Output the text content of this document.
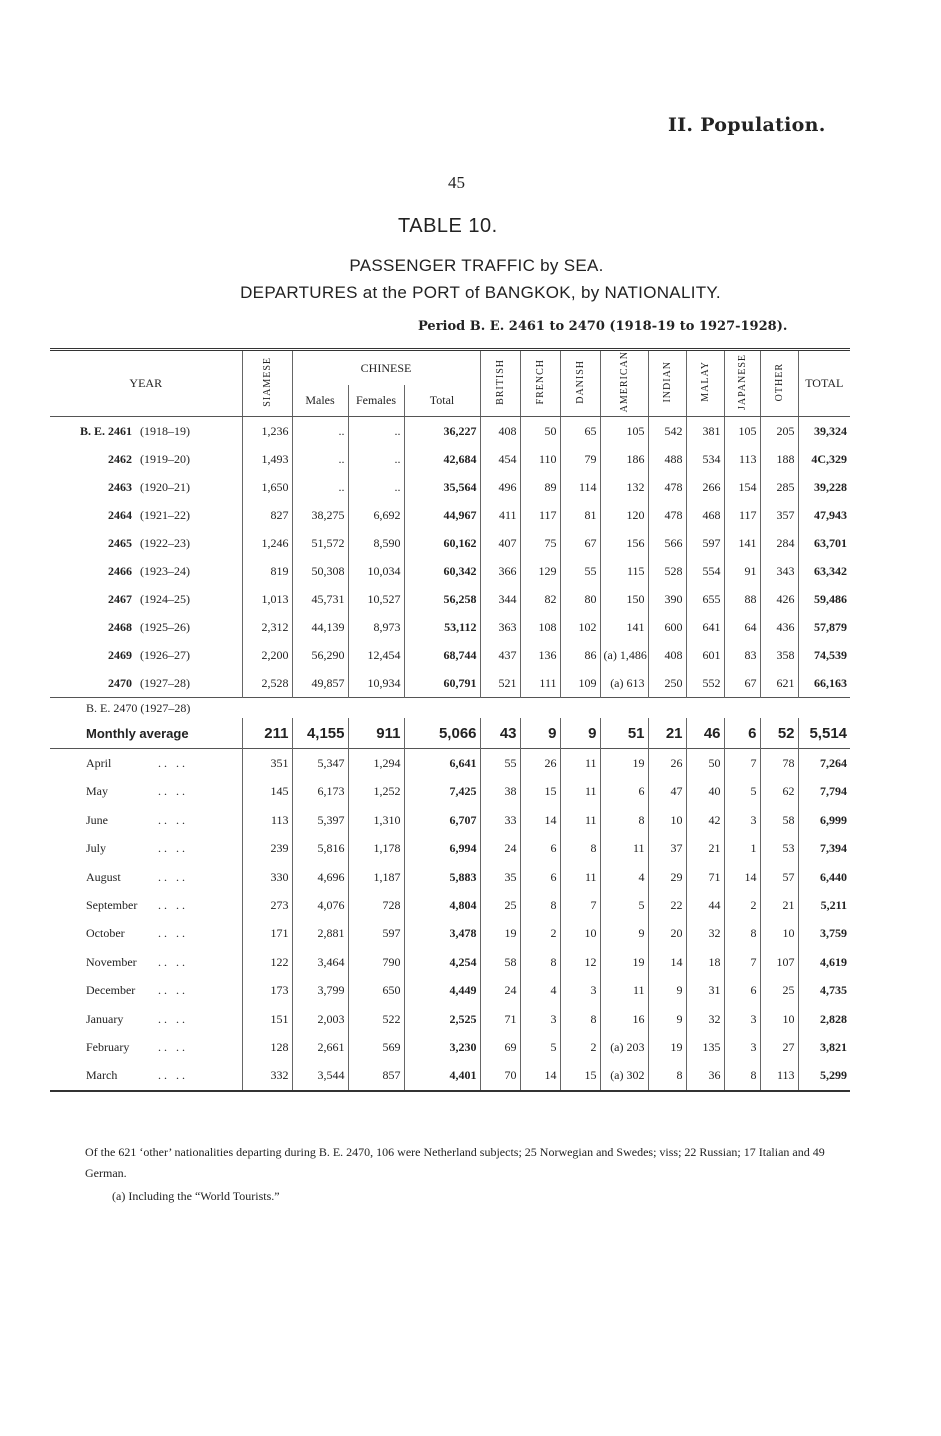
II. Population.
45
TABLE 10.
PASSENGER TRAFFIC by SEA.
DEPARTURES at the PORT of BANGKOK, by NATIONALITY.
Period B. E. 2461 to 2470 (1918-19 to 1927-1928).
YEAR	SIAMESE	CHINESE			BRITISH	FRENCH	DANISH	AMERICAN	INDIAN	MALAY	JAPANESE	OTHER	TOTAL
		Males	Females	Total									
B. E. 2461 (1918–19)	1,236	..	..	36,227	408	50	65	105	542	381	105	205	39,324
2462 (1919–20)	1,493	..	..	42,684	454	110	79	186	488	534	113	188	4C,329
2463 (1920–21)	1,650	..	..	35,564	496	89	114	132	478	266	154	285	39,228
2464 (1921–22)	827	38,275	6,692	44,967	411	117	81	120	478	468	117	357	47,943
2465 (1922–23)	1,246	51,572	8,590	60,162	407	75	67	156	566	597	141	284	63,701
2466 (1923–24)	819	50,308	10,034	60,342	366	129	55	115	528	554	91	343	63,342
2467 (1924–25)	1,013	45,731	10,527	56,258	344	82	80	150	390	655	88	426	59,486
2468 (1925–26)	2,312	44,139	8,973	53,112	363	108	102	141	600	641	64	436	57,879
2469 (1926–27)	2,200	56,290	12,454	68,744	437	136	86	(a) 1,486	408	601	83	358	74,539
2470 (1927–28)	2,528	49,857	10,934	60,791	521	111	109	(a) 613	250	552	67	621	66,163
B. E. 2470 (1927–28)													
Monthly average	211	4,155	911	5,066	43	9	9	51	21	46	6	52	5,514
April . .   . .	351	5,347	1,294	6,641	55	26	11	19	26	50	7	78	7,264
May . .   . .	145	6,173	1,252	7,425	38	15	11	6	47	40	5	62	7,794
June . .   . .	113	5,397	1,310	6,707	33	14	11	8	10	42	3	58	6,999
July . .   . .	239	5,816	1,178	6,994	24	6	8	11	37	21	1	53	7,394
August . .   . .	330	4,696	1,187	5,883	35	6	11	4	29	71	14	57	6,440
September . .   . .	273	4,076	728	4,804	25	8	7	5	22	44	2	21	5,211
October . .   . .	171	2,881	597	3,478	19	2	10	9	20	32	8	10	3,759
November . .   . .	122	3,464	790	4,254	58	8	12	19	14	18	7	107	4,619
December . .   . .	173	3,799	650	4,449	24	4	3	11	9	31	6	25	4,735
January . .   . .	151	2,003	522	2,525	71	3	8	16	9	32	3	10	2,828
February . .   . .	128	2,661	569	3,230	69	5	2	(a) 203	19	135	3	27	3,821
March . .   . .	332	3,544	857	4,401	70	14	15	(a) 302	8	36	8	113	5,299
Of the 621 ‘other’ nationalities departing during B. E. 2470, 106 were Netherland subjects; 25 Norwegian and Swedes; viss; 22 Russian; 17 Italian and 49 German.
(a) Including the “World Tourists.”
